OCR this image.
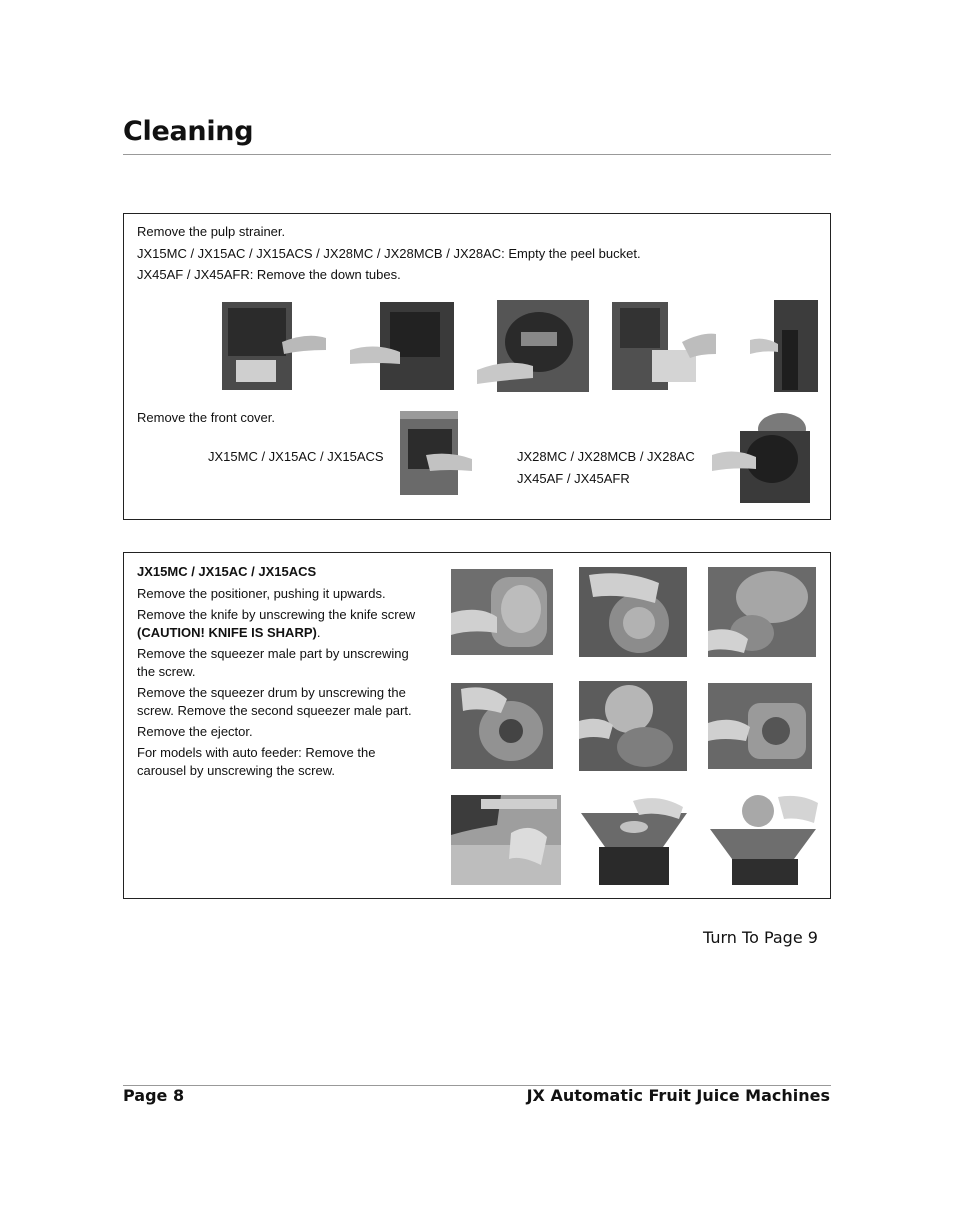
Cleaning
Remove the pulp strainer.
JX15MC / JX15AC / JX15ACS / JX28MC / JX28MCB / JX28AC: Empty the peel bucket.
JX45AF / JX45AFR: Remove the down tubes.
Remove the front cover.
JX15MC / JX15AC / JX15ACS	JX28MC / JX28MCB / JX28AC
JX45AF / JX45AFR

JX15MC / JX15AC / JX15ACS

Remove the positioner, pushing it upwards.

Remove the knife by unscrewing the knife screw (CAUTION! KNIFE IS SHARP).

Remove the squeezer male part by unscrewing the screw.

Remove the squeezer drum by unscrewing the screw. Remove the second squeezer male part.

Remove the ejector.

For models with auto feeder: Remove the carousel by unscrewing the screw.

Turn To Page 9
Page 8	JX Automatic Fruit Juice Machines
